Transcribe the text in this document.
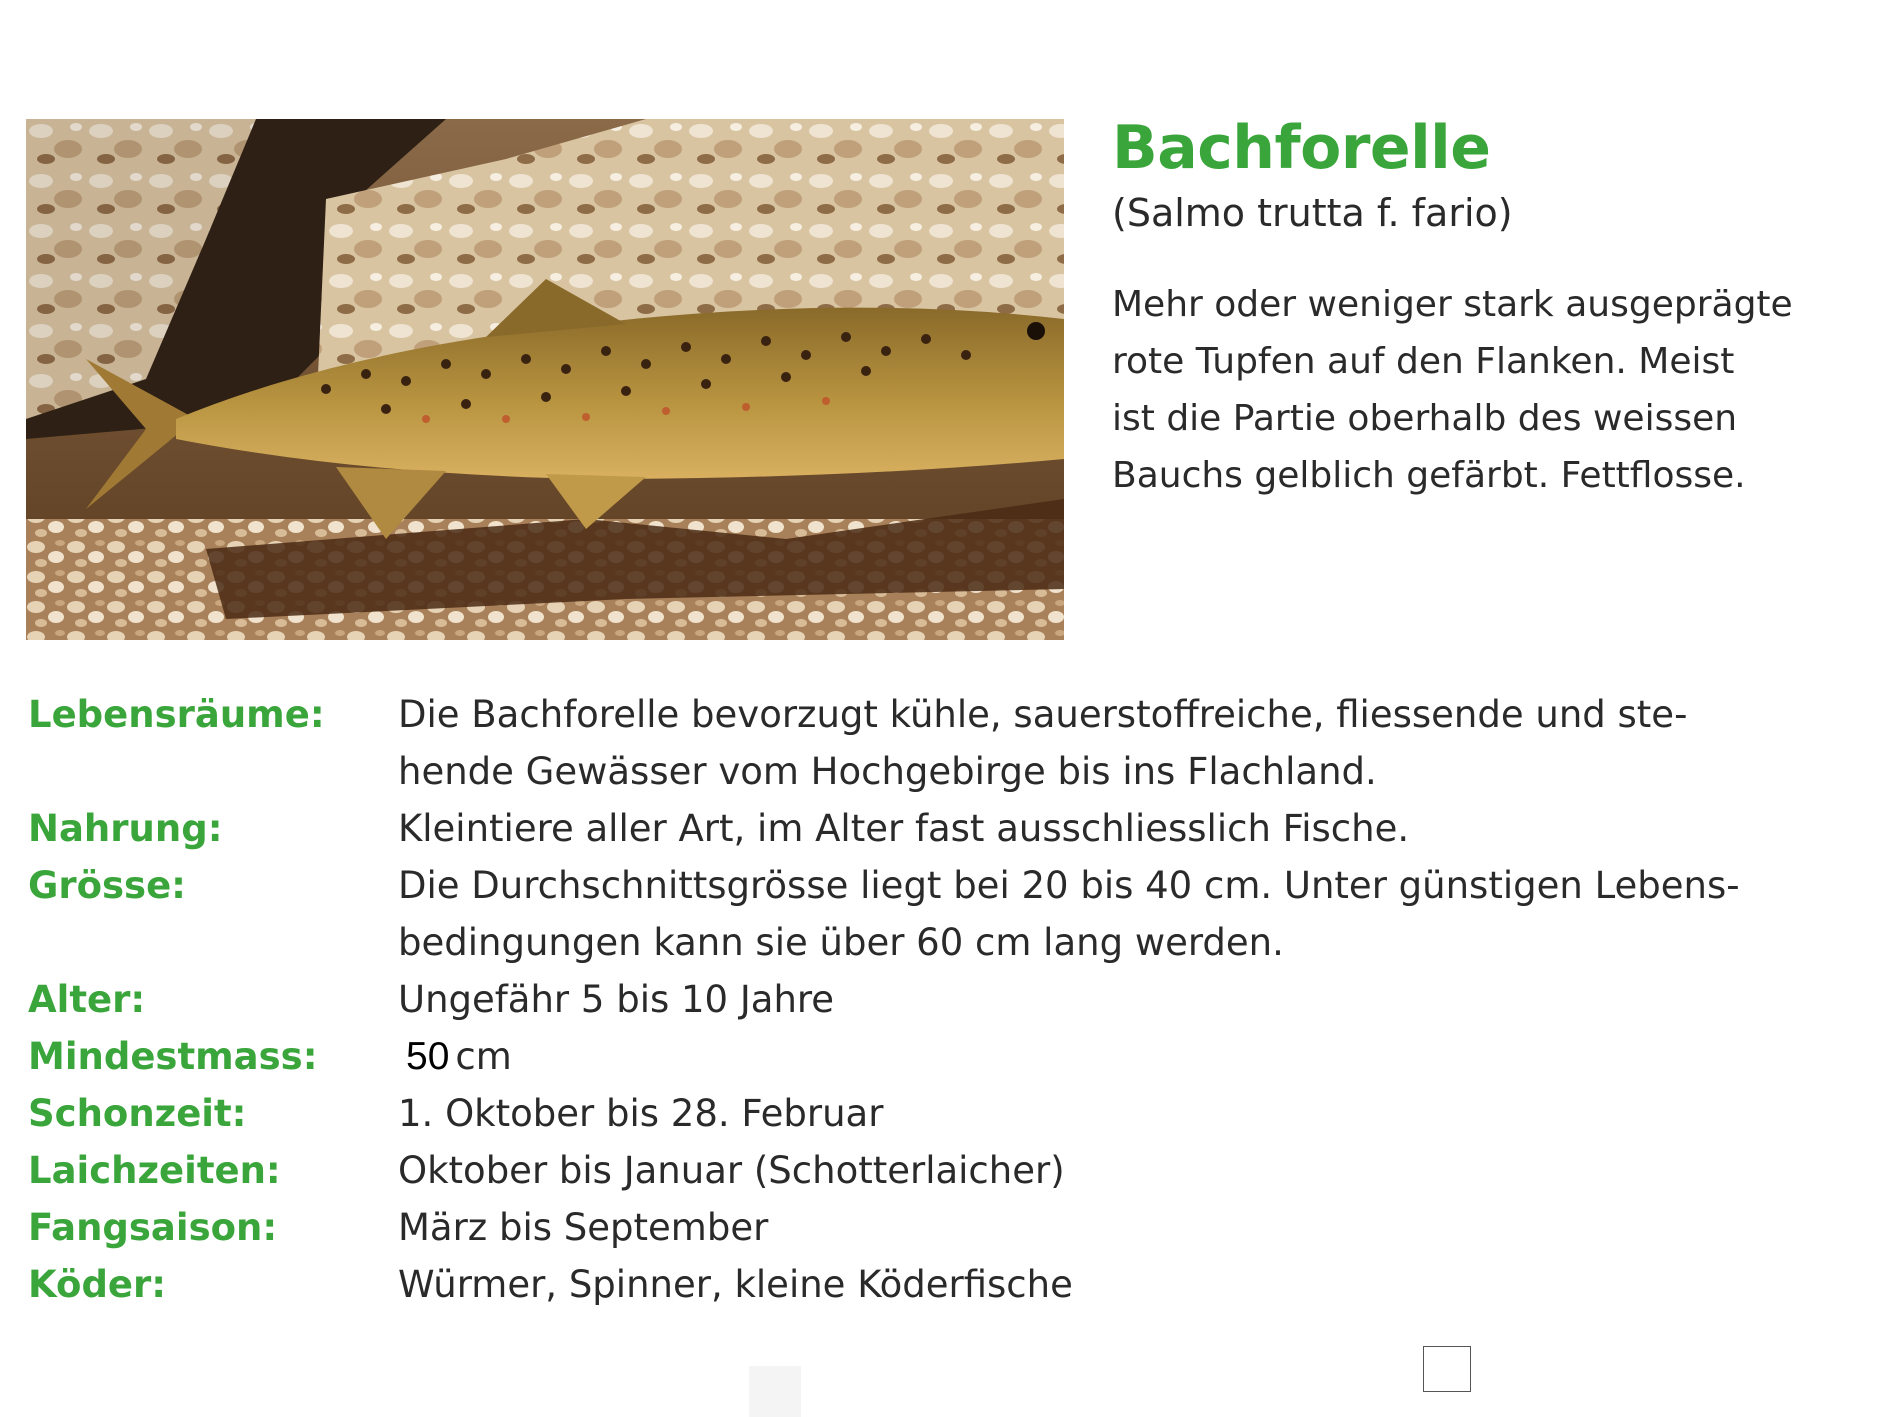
Bachforelle
(Salmo trutta f. fario)
Mehr oder weniger stark ausgeprägte
rote Tupfen auf den Flanken. Meist
ist die Partie oberhalb des weissen
Bauchs gelblich gefärbt. Fettflosse.
Lebensräume:	Die Bachforelle bevorzugt kühle, sauerstoffreiche, fliessende und ste-
hende Gewässer vom Hochgebirge bis ins Flachland.
Nahrung:	Kleintiere aller Art, im Alter fast ausschliesslich Fische.
Grösse:	Die Durchschnittsgrösse liegt bei 20 bis 40 cm. Unter günstigen Lebens-
bedingungen kann sie über 60 cm lang werden.
Alter:	Ungefähr 5 bis 10 Jahre
Mindestmass:	50 cm
Schonzeit:	1. Oktober bis 28. Februar
Laichzeiten:	Oktober bis Januar (Schotterlaicher)
Fangsaison:	März bis September
Köder:	Würmer, Spinner, kleine Köderfische
